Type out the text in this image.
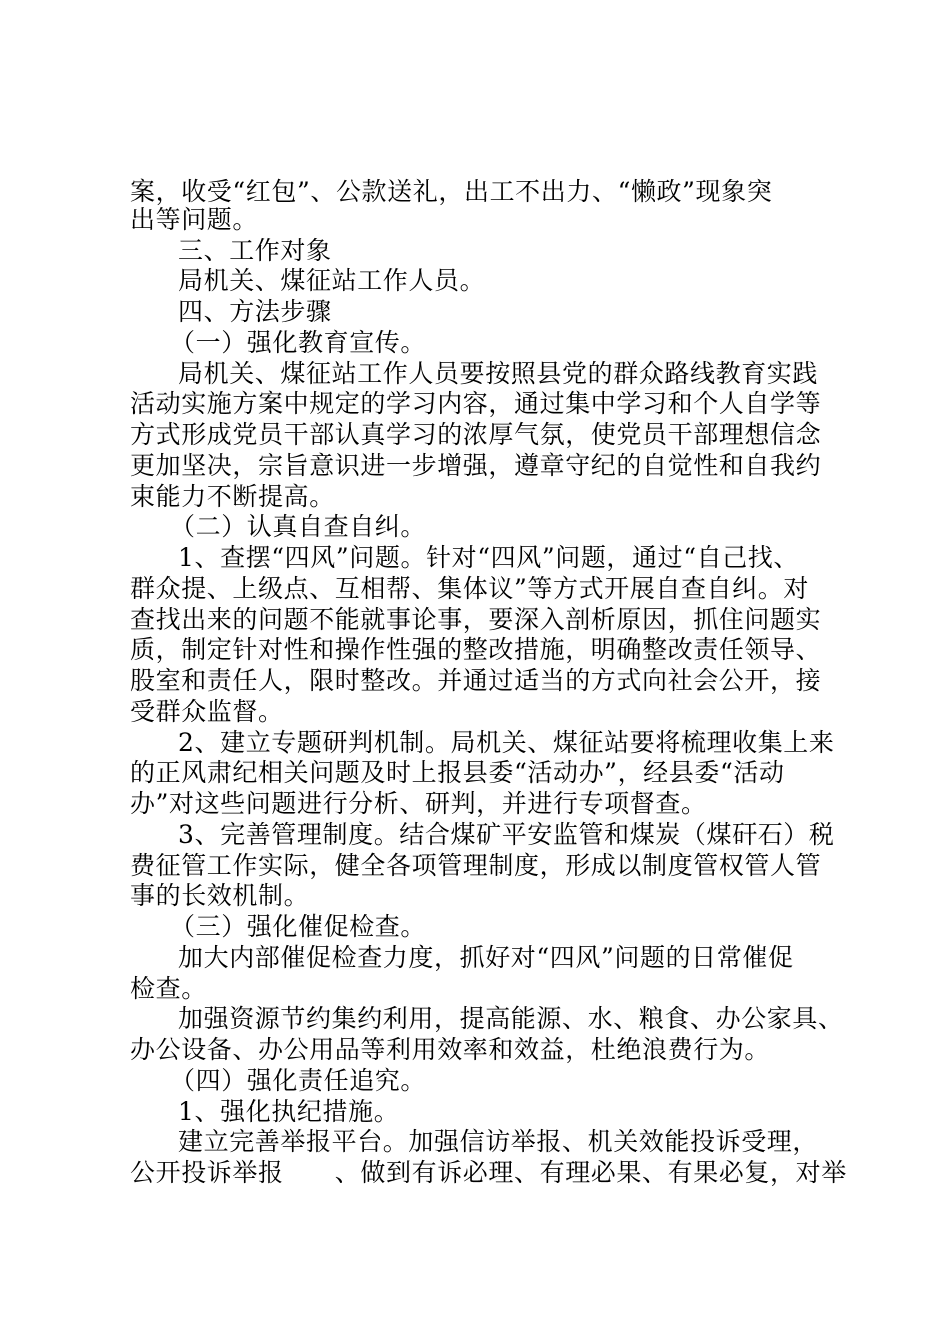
案，收受“红包”、公款送礼，出工不出力、“懒政”现象突
出等问题。
三、工作对象
局机关、煤征站工作人员。
四、方法步骤
（一）强化教育宣传。
局机关、煤征站工作人员要按照县党的群众路线教育实践
活动实施方案中规定的学习内容，通过集中学习和个人自学等
方式形成党员干部认真学习的浓厚气氛，使党员干部理想信念
更加坚决，宗旨意识进一步增强，遵章守纪的自觉性和自我约
束能力不断提高。
（二）认真自查自纠。
1、查摆“四风”问题。针对“四风”问题，通过“自己找、
群众提、上级点、互相帮、集体议”等方式开展自查自纠。对
查找出来的问题不能就事论事，要深入剖析原因，抓住问题实
质，制定针对性和操作性强的整改措施，明确整改责任领导、
股室和责任人，限时整改。并通过适当的方式向社会公开，接
受群众监督。
2、建立专题研判机制。局机关、煤征站要将梳理收集上来
的正风肃纪相关问题及时上报县委“活动办”，经县委“活动
办”对这些问题进行分析、研判，并进行专项督查。
3、完善管理制度。结合煤矿平安监管和煤炭（煤矸石）税
费征管工作实际，健全各项管理制度，形成以制度管权管人管
事的长效机制。
（三）强化催促检查。
加大内部催促检查力度，抓好对“四风”问题的日常催促
检查。
加强资源节约集约利用，提高能源、水、粮食、办公家具、
办公设备、办公用品等利用效率和效益，杜绝浪费行为。
（四）强化责任追究。
1、强化执纪措施。
建立完善举报平台。加强信访举报、机关效能投诉受理，
公开投诉举报　　、做到有诉必理、有理必果、有果必复，对举
